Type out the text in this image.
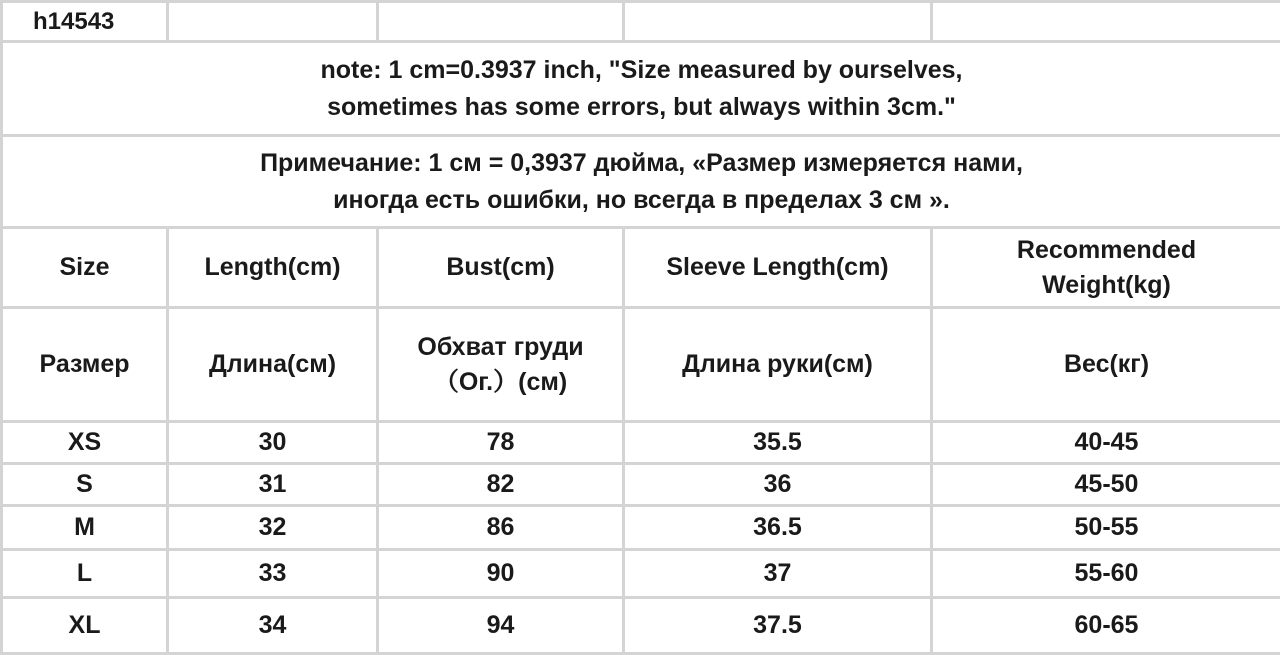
h14543				

note: 1 cm=0.3937 inch, "Size measured by ourselves,
sometimes has some errors, but always within 3cm."				

Примечание: 1 см = 0,3937 дюйма, «Размер измеряется нами,
иногда есть ошибки, но всегда в пределах 3 см ».				

Size	Length(cm)	Bust(cm)	Sleeve Length(cm)	Recommended
Weight(kg)

Размер	Длина(см)	Обхват груди
（Ог.）(см)	Длина руки(см)	Вес(кг)
XS	30	78	35.5	40-45
S	31	82	36	45-50
M	32	86	36.5	50-55
L	33	90	37	55-60
XL	34	94	37.5	60-65
